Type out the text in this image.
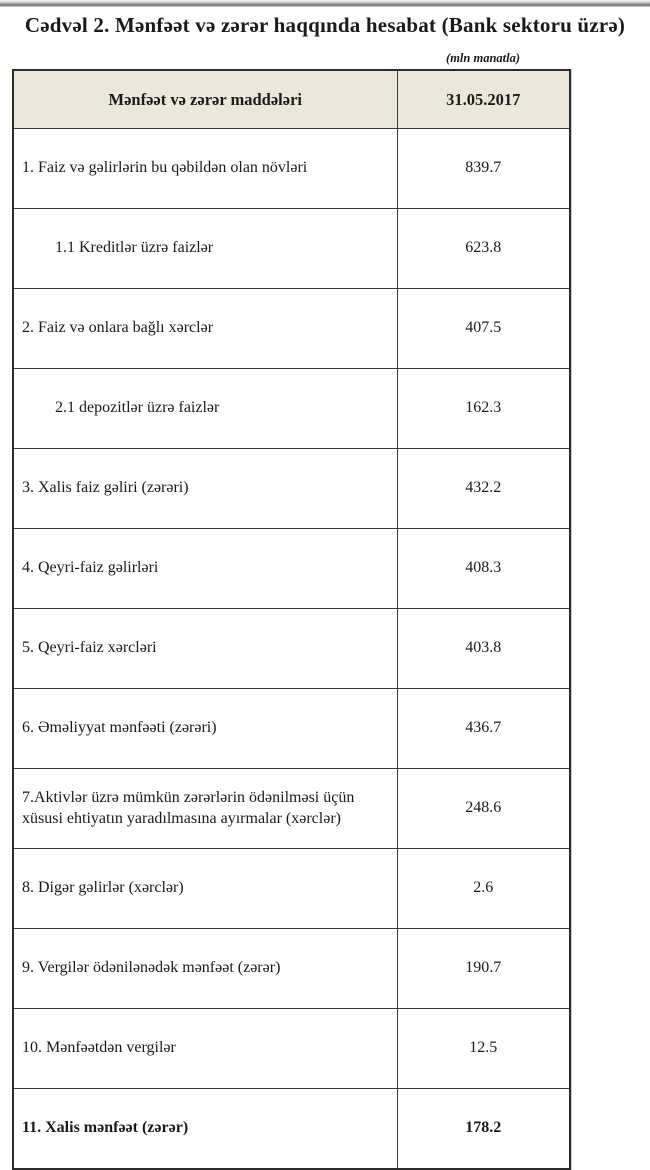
Cədvəl 2. Mənfəət və zərər haqqında hesabat (Bank sektoru üzrə)
(mln manatla)
Mənfəət və zərər maddələri	31.05.2017
1. Faiz və gəlirlərin bu qəbildən olan növləri	839.7
1.1 Kreditlər üzrə faizlər	623.8
2. Faiz və onlara bağlı xərclər	407.5
2.1 depozitlər üzrə faizlər	162.3
3. Xalis faiz gəliri (zərəri)	432.2
4. Qeyri-faiz gəlirləri	408.3
5. Qeyri-faiz xərcləri	403.8
6. Əməliyyat mənfəəti (zərəri)	436.7
7.Aktivlər üzrə mümkün zərərlərin ödənilməsi üçün xüsusi ehtiyatın yaradılmasına ayırmalar (xərclər)	248.6
8. Digər gəlirlər (xərclər)	2.6
9. Vergilər ödənilənədək mənfəət (zərər)	190.7
10. Mənfəətdən vergilər	12.5
11. Xalis mənfəət (zərər)	178.2
